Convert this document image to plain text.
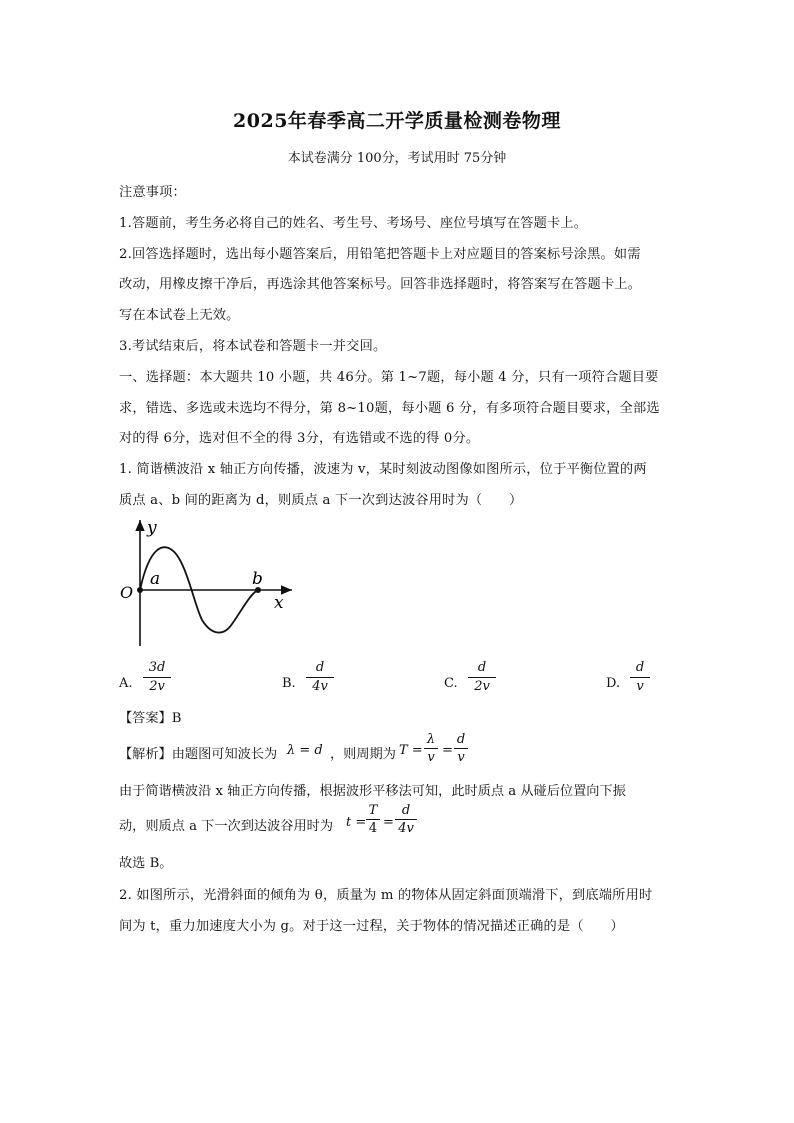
2025年春季高二开学质量检测卷物理
本试卷满分 100分，考试用时 75分钟
注意事项：
1.答题前，考生务必将自己的姓名、考生号、考场号、座位号填写在答题卡上。
2.回答选择题时，选出每小题答案后，用铅笔把答题卡上对应题目的答案标号涂黑。如需
改动，用橡皮擦干净后，再选涂其他答案标号。回答非选择题时，将答案写在答题卡上。
写在本试卷上无效。
3.考试结束后，将本试卷和答题卡一并交回。
一、选择题：本大题共 10 小题，共 46分。第 1~7题，每小题 4 分，只有一项符合题目要
求，错选、多选或未选均不得分，第 8~10题，每小题 6 分，有多项符合题目要求，全部选
对的得 6分，选对但不全的得 3分，有选错或不选的得 0分。
1. 简谐横波沿 x 轴正方向传播，波速为 v，某时刻波动图像如图所示，位于平衡位置的两
质点 a、b 间的距离为 d，则质点 a 下一次到达波谷用时为（　　）
y
x
O
a	b
A.
3d
2v	B.
d
4v	C.
d
2v	D.
d
v
【答案】B
【解析】由题图可知波长为 λ = d ，则周期为 T =
λ
v =
d
v
由于简谐横波沿 x 轴正方向传播，根据波形平移法可知，此时质点 a 从碰后位置向下振
动，则质点 a 下一次到达波谷用时为 t =
T
4 =
d
4v
故选 B。
2. 如图所示，光滑斜面的倾角为 θ，质量为 m 的物体从固定斜面顶端滑下，到底端所用时
间为 t，重力加速度大小为 g。对于这一过程，关于物体的情况描述正确的是（　　）
